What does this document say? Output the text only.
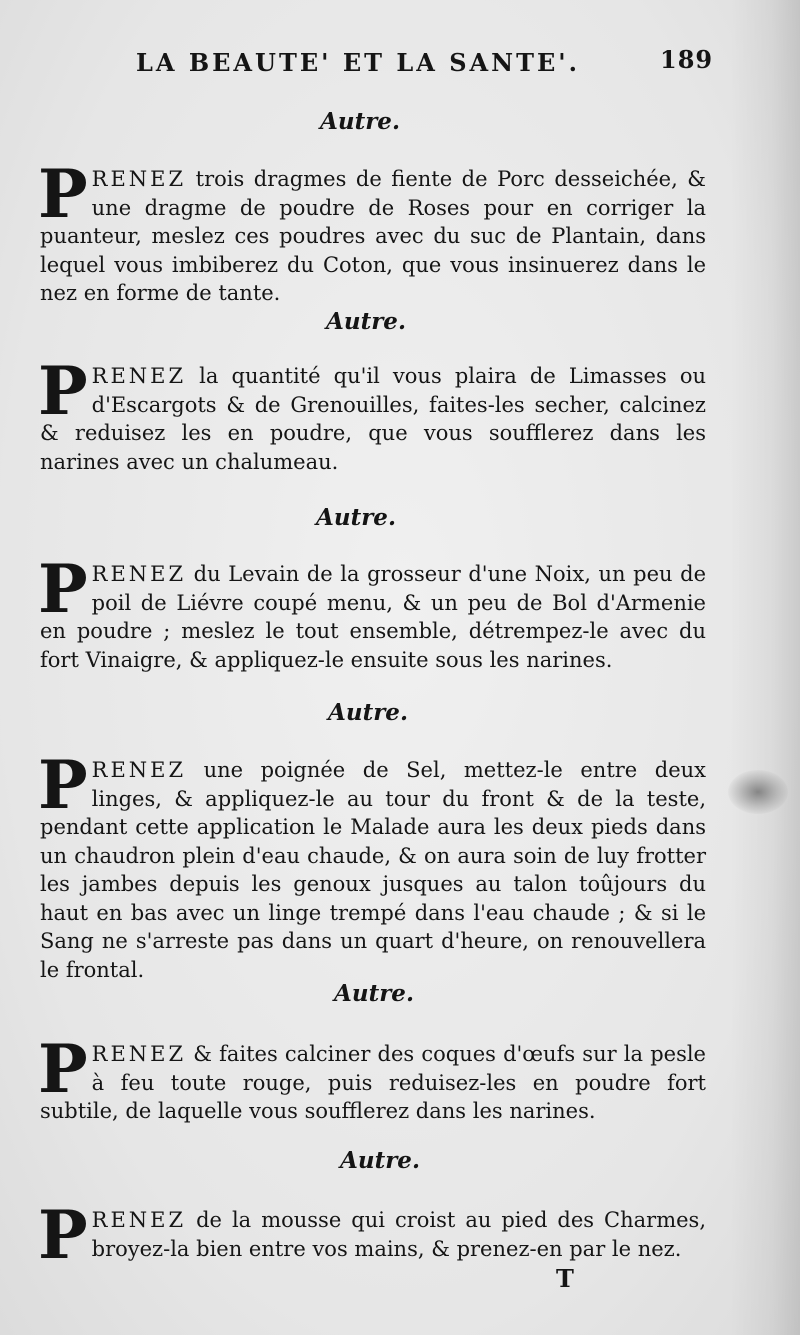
LA BEAUTE' ET LA SANTE'.	189
Autre.
PRENEZ trois dragmes de fiente de Porc desseichée, & une dragme de poudre de Roses pour en corriger la puanteur, meslez ces poudres avec du suc de Plantain, dans lequel vous imbiberez du Coton, que vous insinuerez dans le nez en forme de tante.
Autre.
PRENEZ la quantité qu'il vous plaira de Limasses ou d'Escargots & de Grenouilles, faites-les secher, calcinez & reduisez les en poudre, que vous soufflerez dans les narines avec un chalumeau.
Autre.
PRENEZ du Levain de la grosseur d'une Noix, un peu de poil de Liévre coupé menu, & un peu de Bol d'Armenie en poudre ; meslez le tout ensemble, détrempez-le avec du fort Vinaigre, & appliquez-le ensuite sous les narines.
Autre.
PRENEZ une poignée de Sel, mettez-le entre deux linges, & appliquez-le au tour du front & de la teste, pendant cette application le Malade aura les deux pieds dans un chaudron plein d'eau chaude, & on aura soin de luy frotter les jambes depuis les genoux jusques au talon toûjours du haut en bas avec un linge trempé dans l'eau chaude ; & si le Sang ne s'arreste pas dans un quart d'heure, on renouvellera le frontal.
Autre.
PRENEZ & faites calciner des coques d'œufs sur la pesle à feu toute rouge, puis reduisez-les en poudre fort subtile, de laquelle vous soufflerez dans les narines.
Autre.
PRENEZ de la mousse qui croist au pied des Charmes, broyez-la bien entre vos mains, & prenez-en par le nez.
T
